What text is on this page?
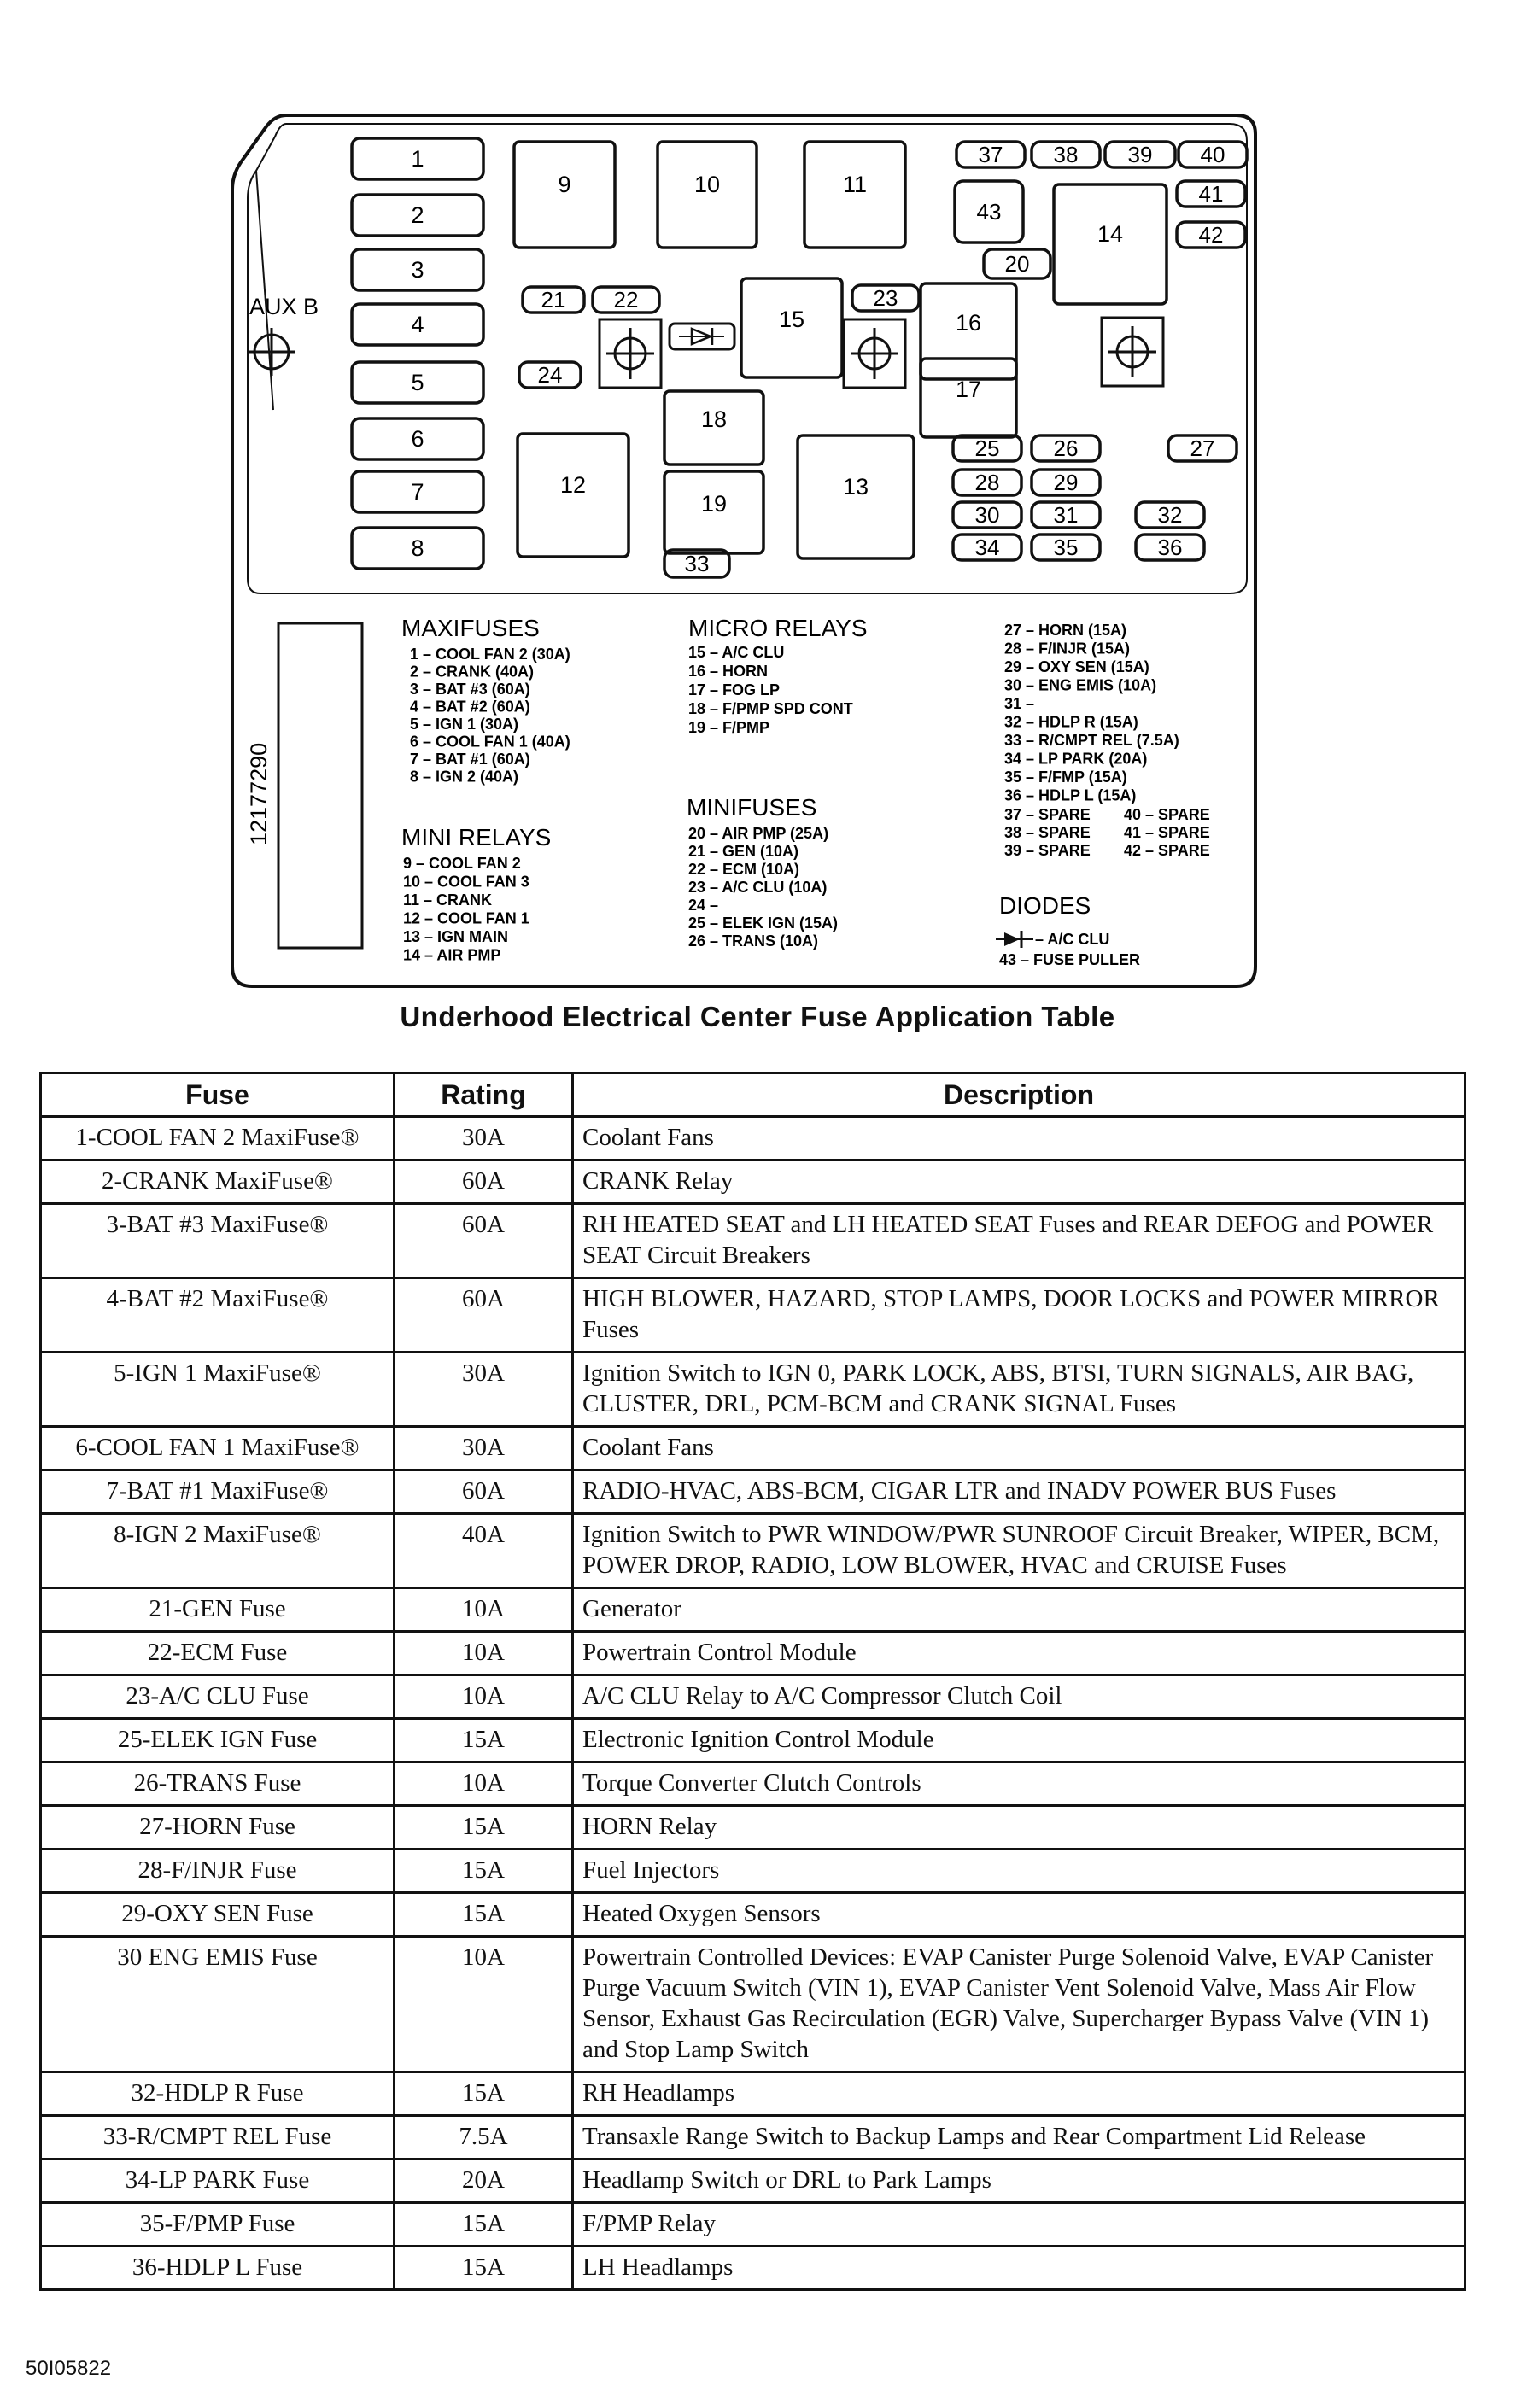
1
2
3
4
5
6
7
8
9	10	11
12	13
14
15	16
17
18
19
20
21 22	23
24
25 26	27
28 29
30 31	32
33
34 35	36
37 38 39 40
41
42
43
MAXIFUSES
1 – COOL FAN 2 (30A)
2 – CRANK (40A)
3 – BAT #3 (60A)
4 – BAT #2 (60A)
5 – IGN 1 (30A)
6 – COOL FAN 1 (40A)
7 – BAT #1 (60A)
8 – IGN 2 (40A)
MINI RELAYS
9 – COOL FAN 2
10 – COOL FAN 3
11 – CRANK
12 – COOL FAN 1
13 – IGN MAIN
14 – AIR PMP
MICRO RELAYS
15 – A/C CLU
16 – HORN
17 – FOG LP
18 – F/PMP SPD CONT
19 – F/PMP
MINIFUSES
20 – AIR PMP (25A)
21 – GEN (10A)
22 – ECM (10A)
23 – A/C CLU (10A)
24 –
25 – ELEK IGN (15A)
26 – TRANS (10A)
27 – HORN (15A)
28 – F/INJR (15A)
29 – OXY SEN (15A)
30 – ENG EMIS (10A)
31 –
32 – HDLP R (15A)
33 – R/CMPT REL (7.5A)
34 – LP PARK (20A)
35 – F/FMP (15A)
36 – HDLP L (15A)
37 – SPARE
38 – SPARE
39 – SPARE
40 – SPARE
41 – SPARE
42 – SPARE
DIODES
– A/C CLU
43 – FUSE PULLER
AUX B
12177290
Underhood Electrical Center Fuse Application Table
Fuse	Rating	Description
1-COOL FAN 2 MaxiFuse®	30A	Coolant Fans
2-CRANK MaxiFuse®	60A	CRANK Relay
3-BAT #3 MaxiFuse®	60A	RH HEATED SEAT and LH HEATED SEAT Fuses and REAR DEFOG and POWER SEAT Circuit Breakers
4-BAT #2 MaxiFuse®	60A	HIGH BLOWER, HAZARD, STOP LAMPS, DOOR LOCKS and POWER MIRROR Fuses
5-IGN 1 MaxiFuse®	30A	Ignition Switch to IGN 0, PARK LOCK, ABS, BTSI, TURN SIGNALS, AIR BAG, CLUSTER, DRL, PCM-BCM and CRANK SIGNAL Fuses
6-COOL FAN 1 MaxiFuse®	30A	Coolant Fans
7-BAT #1 MaxiFuse®	60A	RADIO-HVAC, ABS-BCM, CIGAR LTR and INADV POWER BUS Fuses
8-IGN 2 MaxiFuse®	40A	Ignition Switch to PWR WINDOW/PWR SUNROOF Circuit Breaker, WIPER, BCM, POWER DROP, RADIO, LOW BLOWER, HVAC and CRUISE Fuses
21-GEN Fuse	10A	Generator
22-ECM Fuse	10A	Powertrain Control Module
23-A/C CLU Fuse	10A	A/C CLU Relay to A/C Compressor Clutch Coil
25-ELEK IGN Fuse	15A	Electronic Ignition Control Module
26-TRANS Fuse	10A	Torque Converter Clutch Controls
27-HORN Fuse	15A	HORN Relay
28-F/INJR Fuse	15A	Fuel Injectors
29-OXY SEN Fuse	15A	Heated Oxygen Sensors
30 ENG EMIS Fuse	10A	Powertrain Controlled Devices: EVAP Canister Purge Solenoid Valve, EVAP Canister Purge Vacuum Switch (VIN 1), EVAP Canister Vent Solenoid Valve, Mass Air Flow Sensor, Exhaust Gas Recirculation (EGR) Valve, Supercharger Bypass Valve (VIN 1) and Stop Lamp Switch
32-HDLP R Fuse	15A	RH Headlamps
33-R/CMPT REL Fuse	7.5A	Transaxle Range Switch to Backup Lamps and Rear Compartment Lid Release
34-LP PARK Fuse	20A	Headlamp Switch or DRL to Park Lamps
35-F/PMP Fuse	15A	F/PMP Relay
36-HDLP L Fuse	15A	LH Headlamps
50I05822
